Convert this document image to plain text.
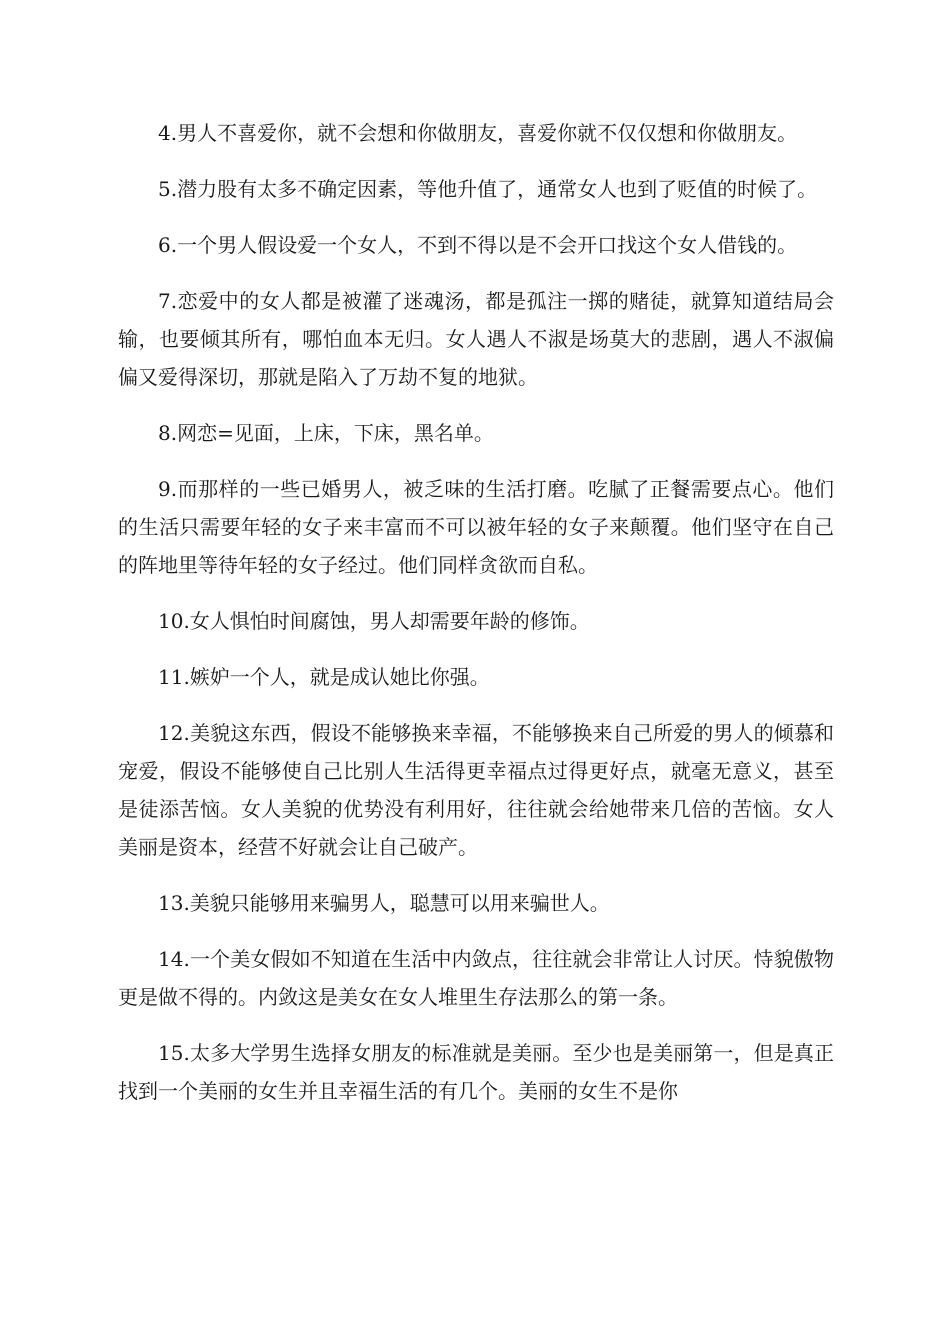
4.男人不喜爱你，就不会想和你做朋友，喜爱你就不仅仅想和你做朋友。

5.潜力股有太多不确定因素，等他升值了，通常女人也到了贬值的时候了。

6.一个男人假设爱一个女人，不到不得以是不会开口找这个女人借钱的。

7.恋爱中的女人都是被灌了迷魂汤，都是孤注一掷的赌徒，就算知道结局会输，也要倾其所有，哪怕血本无归。女人遇人不淑是场莫大的悲剧，遇人不淑偏偏又爱得深切，那就是陷入了万劫不复的地狱。

8.网恋=见面，上床，下床，黑名单。

9.而那样的一些已婚男人，被乏味的生活打磨。吃腻了正餐需要点心。他们的生活只需要年轻的女子来丰富而不可以被年轻的女子来颠覆。他们坚守在自己的阵地里等待年轻的女子经过。他们同样贪欲而自私。

10.女人惧怕时间腐蚀，男人却需要年龄的修饰。

11.嫉妒一个人，就是成认她比你强。

12.美貌这东西，假设不能够换来幸福，不能够换来自己所爱的男人的倾慕和宠爱，假设不能够使自己比别人生活得更幸福点过得更好点，就毫无意义，甚至是徒添苦恼。女人美貌的优势没有利用好，往往就会给她带来几倍的苦恼。女人美丽是资本，经营不好就会让自己破产。

13.美貌只能够用来骗男人，聪慧可以用来骗世人。

14.一个美女假如不知道在生活中内敛点，往往就会非常让人讨厌。恃貌傲物更是做不得的。内敛这是美女在女人堆里生存法那么的第一条。

15.太多大学男生选择女朋友的标准就是美丽。至少也是美丽第一，但是真正找到一个美丽的女生并且幸福生活的有几个。美丽的女生不是你
